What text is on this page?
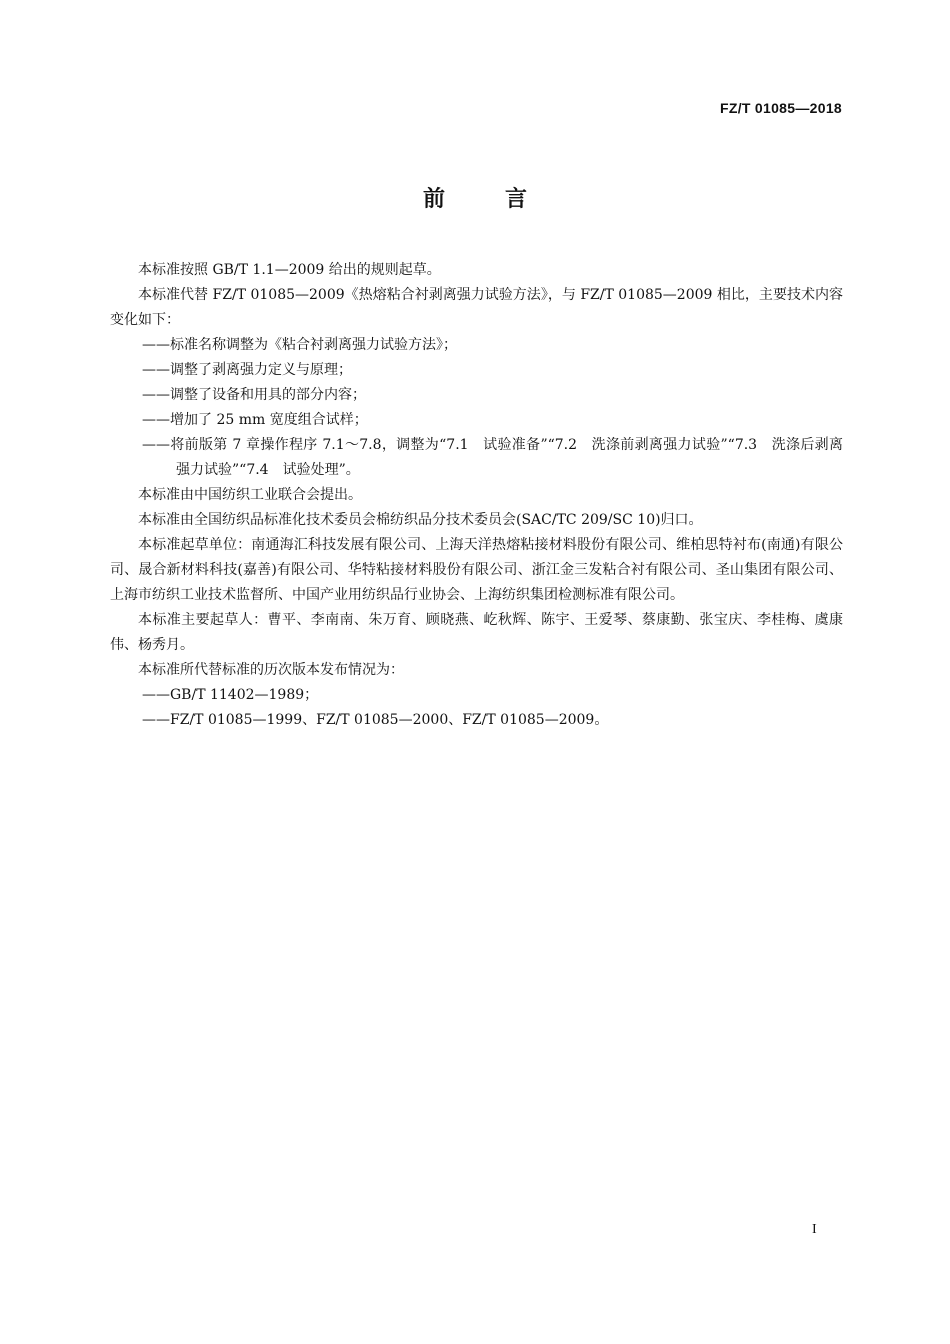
FZ/T 01085—2018
前言

本标准按照 GB/T 1.1—2009 给出的规则起草。

本标准代替 FZ/T 01085—2009《热熔粘合衬剥离强力试验方法》，与 FZ/T 01085—2009 相比，主要技术内容变化如下：

——标准名称调整为《粘合衬剥离强力试验方法》；

——调整了剥离强力定义与原理；

——调整了设备和用具的部分内容；

——增加了 25 mm 宽度组合试样；

——将前版第 7 章操作程序 7.1～7.8，调整为“7.1　试验准备”“7.2　洗涤前剥离强力试验”“7.3　洗涤后剥离强力试验”“7.4　试验处理”。

本标准由中国纺织工业联合会提出。

本标准由全国纺织品标准化技术委员会棉纺织品分技术委员会(SAC/TC 209/SC 10)归口。

本标准起草单位：南通海汇科技发展有限公司、上海天洋热熔粘接材料股份有限公司、维柏思特衬布(南通)有限公司、晟合新材料科技(嘉善)有限公司、华特粘接材料股份有限公司、浙江金三发粘合衬有限公司、圣山集团有限公司、上海市纺织工业技术监督所、中国产业用纺织品行业协会、上海纺织集团检测标准有限公司。

本标准主要起草人：曹平、李南南、朱万育、顾晓燕、屹秋辉、陈宇、王爱琴、蔡康勤、张宝庆、李桂梅、虞康伟、杨秀月。

本标准所代替标准的历次版本发布情况为：

——GB/T 11402—1989；

——FZ/T 01085—1999、FZ/T 01085—2000、FZ/T 01085—2009。

I
